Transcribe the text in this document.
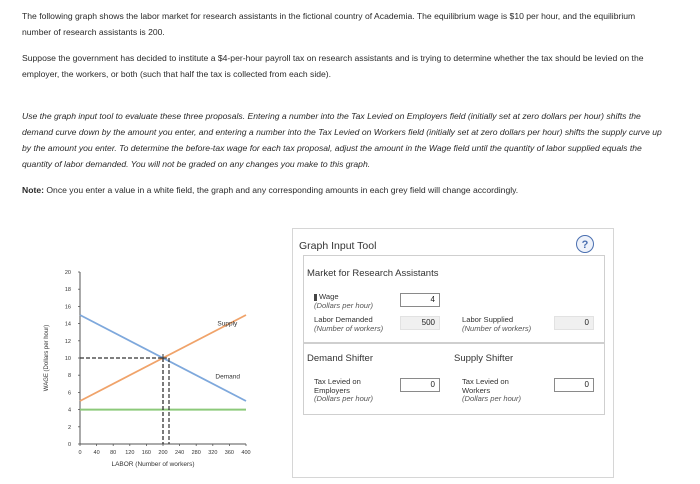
The following graph shows the labor market for research assistants in the fictional country of Academia. The equilibrium wage is $10 per hour, and the equilibrium number of research assistants is 200.
Suppose the government has decided to institute a $4-per-hour payroll tax on research assistants and is trying to determine whether the tax should be levied on the employer, the workers, or both (such that half the tax is collected from each side).
Use the graph input tool to evaluate these three proposals. Entering a number into the Tax Levied on Employers field (initially set at zero dollars per hour) shifts the demand curve down by the amount you enter, and entering a number into the Tax Levied on Workers field (initially set at zero dollars per hour) shifts the supply curve up by the amount you enter. To determine the before-tax wage for each tax proposal, adjust the amount in the Wage field until the quantity of labor supplied equals the quantity of labor demanded. You will not be graded on any changes you make to this graph.
Note: Once you enter a value in a white field, the graph and any corresponding amounts in each grey field will change accordingly.
0
2
4
6
8
10
12
14
16
18
20
0 40 80 120 160 200 240 280 320 360 400
LABOR (Number of workers)
WAGE (Dollars per hour)
Supply
Demand
Graph Input Tool	?
Market for Research Assistants
Wage
(Dollars per hour)
4
Labor Demanded
(Number of workers)
500	Labor Supplied
(Number of workers)
0
Demand Shifter	Supply Shifter
Tax Levied on
Employers
(Dollars per hour)
0	Tax Levied on
Workers
(Dollars per hour)
0
